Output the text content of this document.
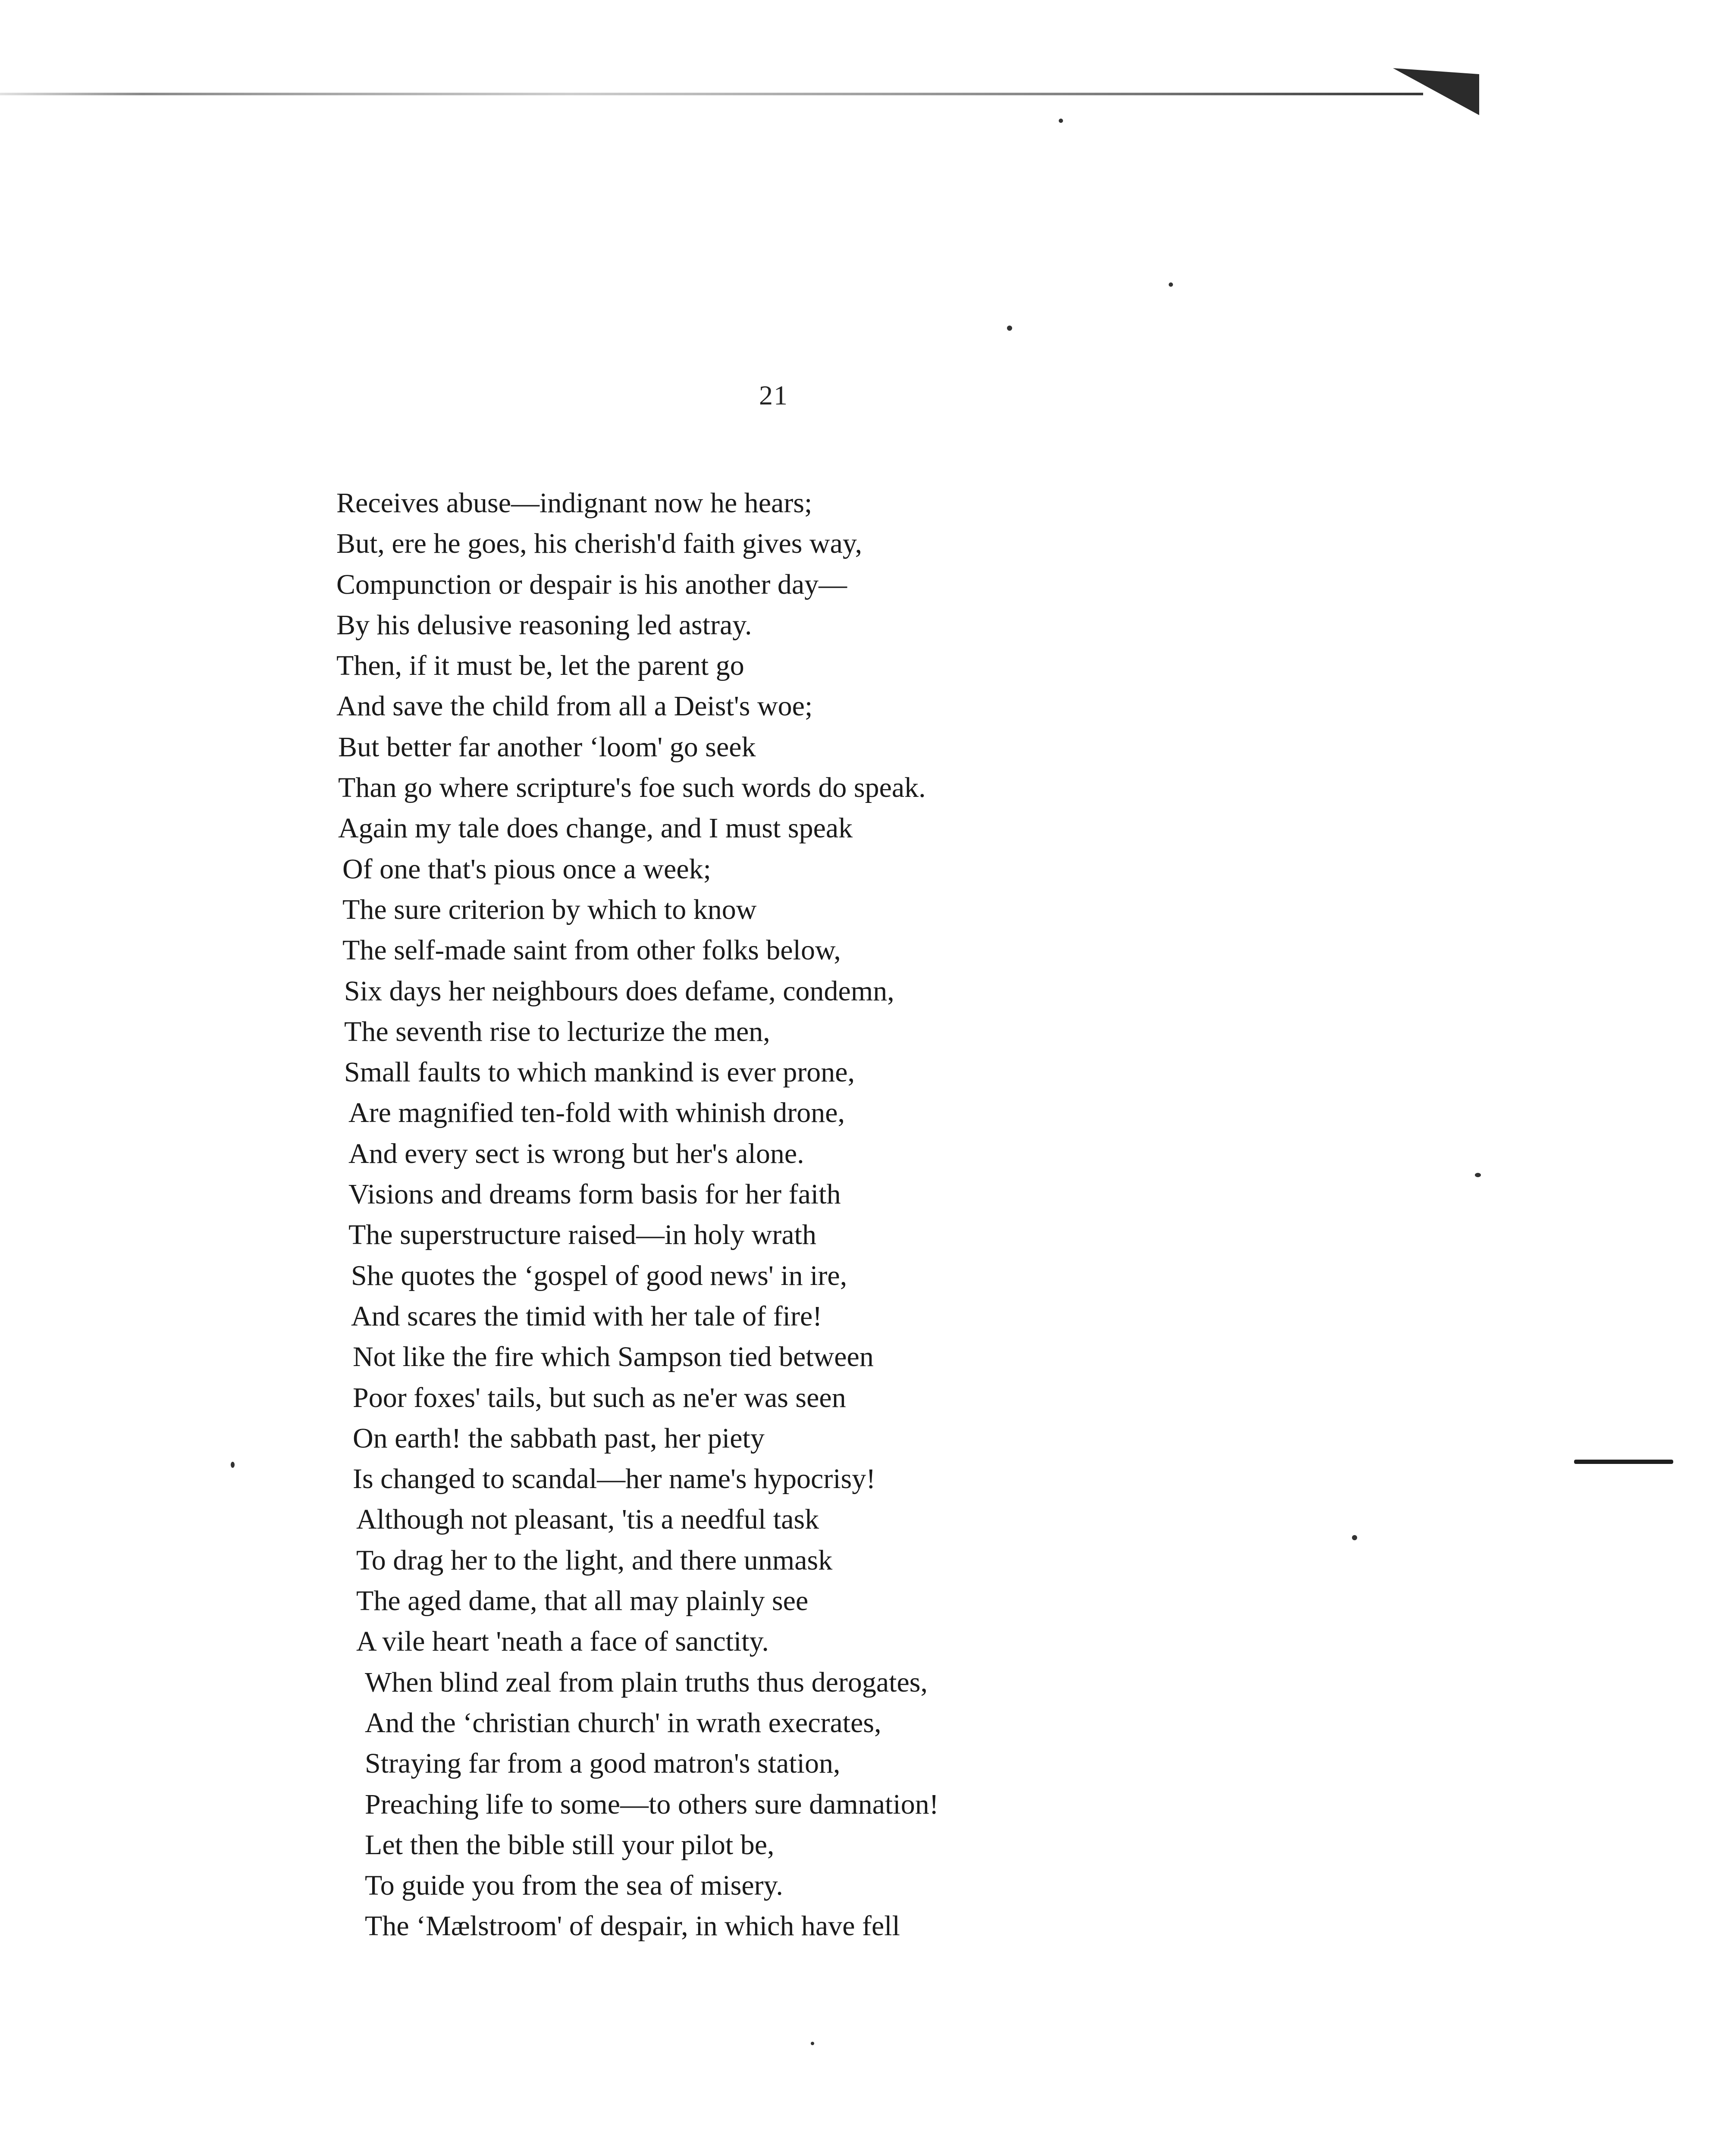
21
Receives abuse—indignant now he hears;
But, ere he goes, his cherish'd faith gives way,
Compunction or despair is his another day—
By his delusive reasoning led astray.
Then, if it must be, let the parent go
And save the child from all a Deist's woe;
But better far another ‘loom' go seek
Than go where scripture's foe such words do speak.
Again my tale does change, and I must speak
Of one that's pious once a week;
The sure criterion by which to know
The self-made saint from other folks below,
Six days her neighbours does defame, condemn,
The seventh rise to lecturize the men,
Small faults to which mankind is ever prone,
Are magnified ten-fold with whinish drone,
And every sect is wrong but her's alone.
Visions and dreams form basis for her faith
The superstructure raised—in holy wrath
She quotes the ‘gospel of good news' in ire,
And scares the timid with her tale of fire!
Not like the fire which Sampson tied between
Poor foxes' tails, but such as ne'er was seen
On earth! the sabbath past, her piety
Is changed to scandal—her name's hypocrisy!
Although not pleasant, 'tis a needful task
To drag her to the light, and there unmask
The aged dame, that all may plainly see
A vile heart 'neath a face of sanctity.
When blind zeal from plain truths thus derogates,
And the ‘christian church' in wrath execrates,
Straying far from a good matron's station,
Preaching life to some—to others sure damnation!
Let then the bible still your pilot be,
To guide you from the sea of misery.
The ‘Mælstroom' of despair, in which have fell
